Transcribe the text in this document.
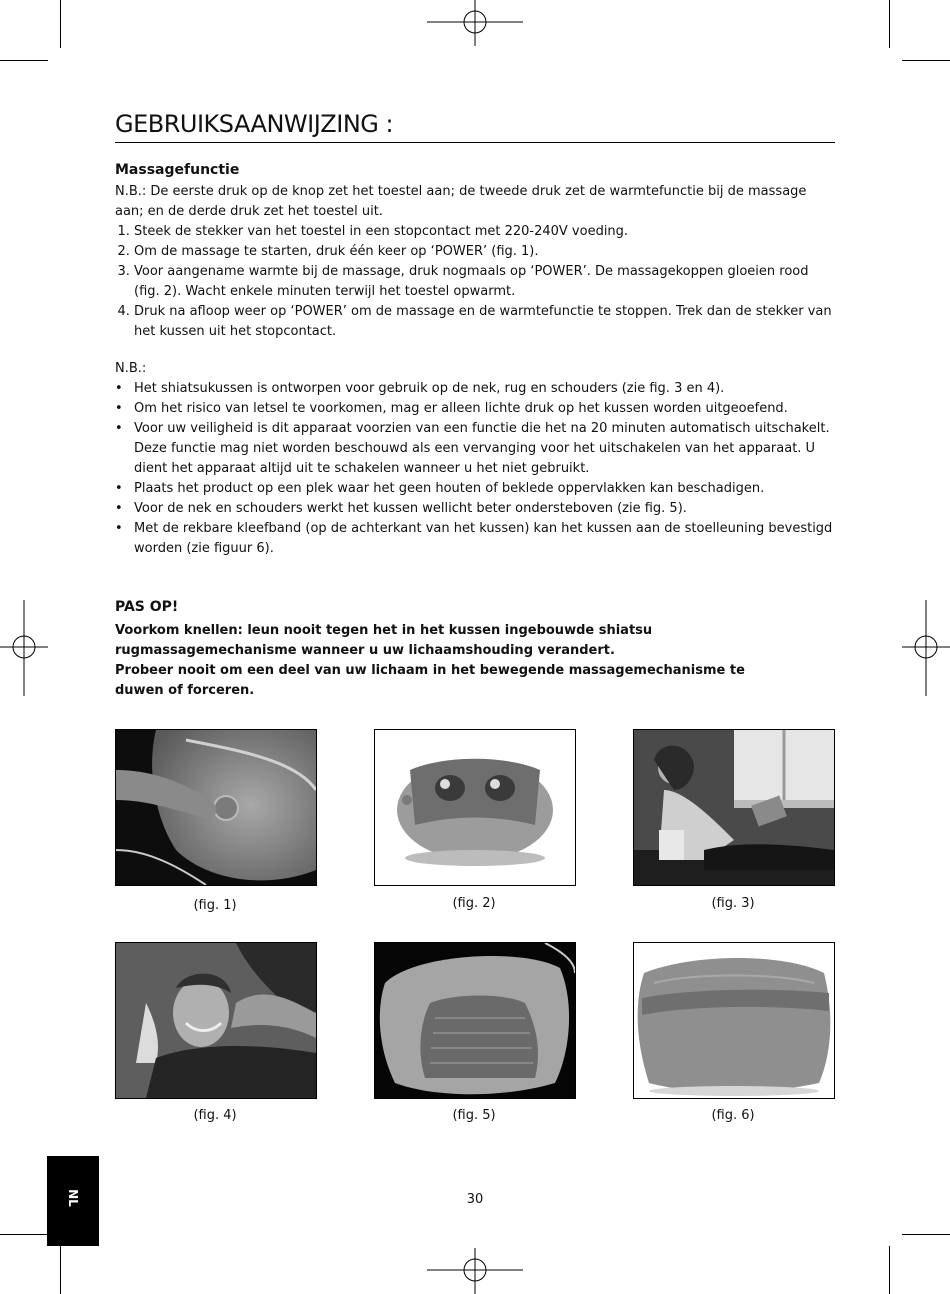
GEBRUIKSAANWIJZING :
Massagefunctie
N.B.: De eerste druk op de knop zet het toestel aan; de tweede druk zet de warmtefunctie bij de massage aan; en de derde druk zet het toestel uit.
1. Steek de stekker van het toestel in een stopcontact met 220-240V voeding.
2. Om de massage te starten, druk één keer op ‘POWER’ (fig. 1).
3. Voor aangename warmte bij de massage, druk nogmaals op ‘POWER’. De massagekoppen gloeien rood (fig. 2). Wacht enkele minuten terwijl het toestel opwarmt.
4. Druk na afloop weer op ‘POWER’ om de massage en de warmtefunctie te stoppen. Trek dan de stekker van het kussen uit het stopcontact.
N.B.:
• Het shiatsukussen is ontworpen voor gebruik op de nek, rug en schouders (zie fig. 3 en 4).
• Om het risico van letsel te voorkomen, mag er alleen lichte druk op het kussen worden uitgeoefend.
• Voor uw veiligheid is dit apparaat voorzien van een functie die het na 20 minuten automatisch uitschakelt. Deze functie mag niet worden beschouwd als een vervanging voor het uitschakelen van het apparaat. U dient het apparaat altijd uit te schakelen wanneer u het niet gebruikt.
• Plaats het product op een plek waar het geen houten of beklede oppervlakken kan beschadigen.
• Voor de nek en schouders werkt het kussen wellicht beter ondersteboven (zie fig. 5).
• Met de rekbare kleefband (op de achterkant van het kussen) kan het kussen aan de stoelleuning bevestigd worden (zie figuur 6).
PAS OP!
Voorkom knellen: leun nooit tegen het in het kussen ingebouwde shiatsu rugmassagemechanisme wanneer u uw lichaamshouding verandert.
Probeer nooit om een deel van uw lichaam in het bewegende massagemechanisme te duwen of forceren.
(fig. 1)	(fig. 2)	(fig. 3)
(fig. 4)	(fig. 5)	(fig. 6)
NL	30
